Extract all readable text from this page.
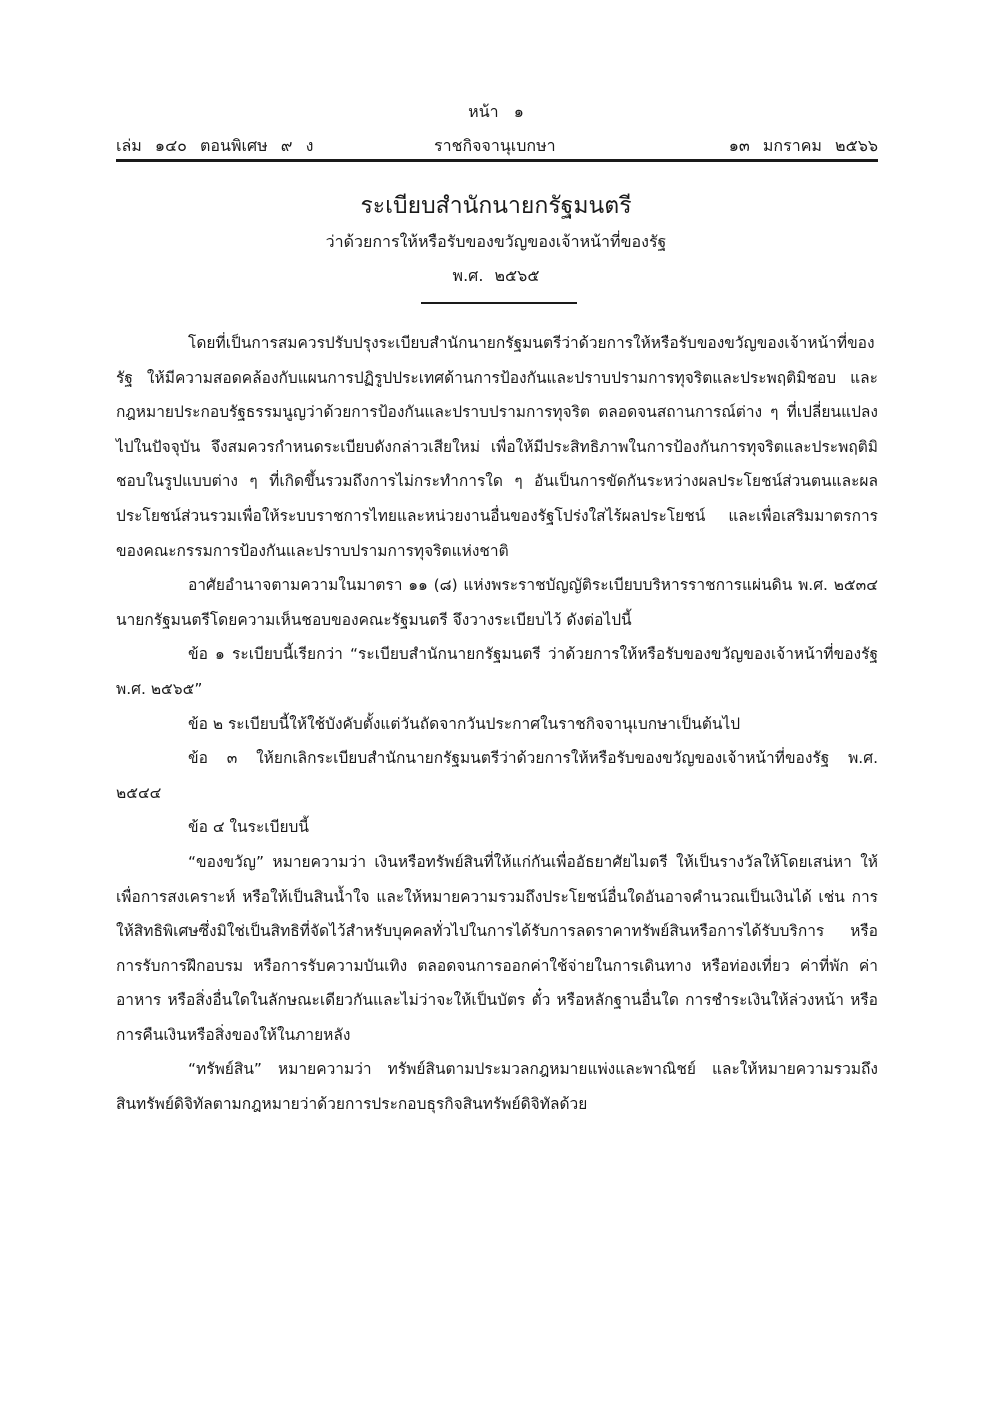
หน้า ๑
เล่ม ๑๔๐ ตอนพิเศษ ๙ ง	ราชกิจจานุเบกษา	๑๓ มกราคม ๒๕๖๖
ระเบียบสำนักนายกรัฐมนตรี
ว่าด้วยการให้หรือรับของขวัญของเจ้าหน้าที่ของรัฐ
พ.ศ. ๒๕๖๕

โดยที่เป็นการสมควรปรับปรุงระเบียบสำนักนายกรัฐมนตรีว่าด้วยการให้หรือรับของขวัญของเจ้าหน้าที่ของรัฐ ให้มีความสอดคล้องกับแผนการปฏิรูปประเทศด้านการป้องกันและปราบปรามการทุจริตและประพฤติมิชอบ และกฎหมายประกอบรัฐธรรมนูญว่าด้วยการป้องกันและปราบปรามการทุจริต ตลอดจนสถานการณ์ต่าง ๆ ที่เปลี่ยนแปลงไปในปัจจุบัน จึงสมควรกำหนดระเบียบดังกล่าวเสียใหม่ เพื่อให้มีประสิทธิภาพในการป้องกันการทุจริตและประพฤติมิชอบในรูปแบบต่าง ๆ ที่เกิดขึ้นรวมถึงการไม่กระทำการใด ๆ อันเป็นการขัดกันระหว่างผลประโยชน์ส่วนตนและผลประโยชน์ส่วนรวมเพื่อให้ระบบราชการไทยและหน่วยงานอื่นของรัฐโปร่งใสไร้ผลประโยชน์ และเพื่อเสริมมาตรการของคณะกรรมการป้องกันและปราบปรามการทุจริตแห่งชาติ

อาศัยอำนาจตามความในมาตรา ๑๑ (๘) แห่งพระราชบัญญัติระเบียบบริหารราชการแผ่นดิน พ.ศ. ๒๕๓๔ นายกรัฐมนตรีโดยความเห็นชอบของคณะรัฐมนตรี จึงวางระเบียบไว้ ดังต่อไปนี้

ข้อ ๑ ระเบียบนี้เรียกว่า “ระเบียบสำนักนายกรัฐมนตรี ว่าด้วยการให้หรือรับของขวัญของเจ้าหน้าที่ของรัฐ พ.ศ. ๒๕๖๕”

ข้อ ๒ ระเบียบนี้ให้ใช้บังคับตั้งแต่วันถัดจากวันประกาศในราชกิจจานุเบกษาเป็นต้นไป

ข้อ ๓ ให้ยกเลิกระเบียบสำนักนายกรัฐมนตรีว่าด้วยการให้หรือรับของขวัญของเจ้าหน้าที่ของรัฐ พ.ศ. ๒๕๔๔

ข้อ ๔ ในระเบียบนี้

“ของขวัญ” หมายความว่า เงินหรือทรัพย์สินที่ให้แก่กันเพื่ออัธยาศัยไมตรี ให้เป็นรางวัลให้โดยเสน่หา ให้เพื่อการสงเคราะห์ หรือให้เป็นสินน้ำใจ และให้หมายความรวมถึงประโยชน์อื่นใดอันอาจคำนวณเป็นเงินได้ เช่น การให้สิทธิพิเศษซึ่งมิใช่เป็นสิทธิที่จัดไว้สำหรับบุคคลทั่วไปในการได้รับการลดราคาทรัพย์สินหรือการได้รับบริการ หรือการรับการฝึกอบรม หรือการรับความบันเทิง ตลอดจนการออกค่าใช้จ่ายในการเดินทาง หรือท่องเที่ยว ค่าที่พัก ค่าอาหาร หรือสิ่งอื่นใดในลักษณะเดียวกันและไม่ว่าจะให้เป็นบัตร ตั๋ว หรือหลักฐานอื่นใด การชำระเงินให้ล่วงหน้า หรือการคืนเงินหรือสิ่งของให้ในภายหลัง

“ทรัพย์สิน” หมายความว่า ทรัพย์สินตามประมวลกฎหมายแพ่งและพาณิชย์ และให้หมายความรวมถึงสินทรัพย์ดิจิทัลตามกฎหมายว่าด้วยการประกอบธุรกิจสินทรัพย์ดิจิทัลด้วย
